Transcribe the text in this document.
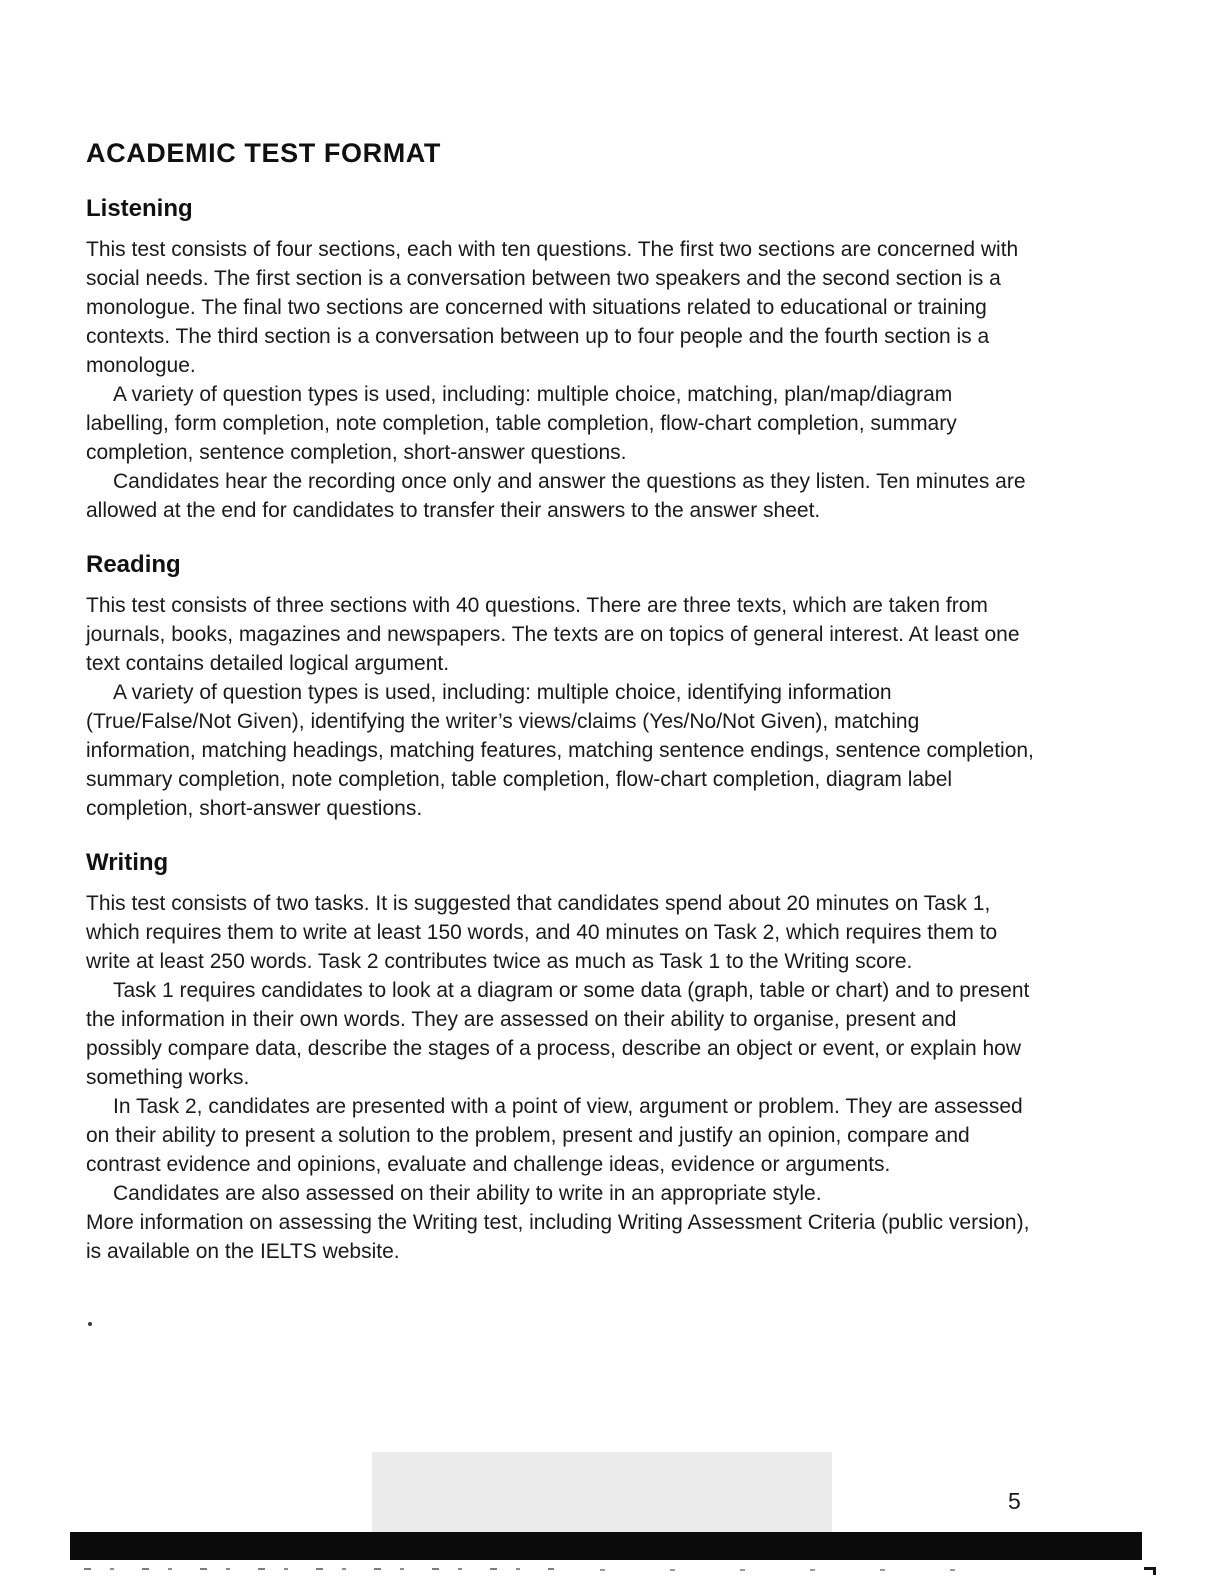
ACADEMIC TEST FORMAT
Listening

This test consists of four sections, each with ten questions. The first two sections are concerned with social needs. The first section is a conversation between two speakers and the second section is a monologue. The final two sections are concerned with situations related to educational or training contexts. The third section is a conversation between up to four people and the fourth section is a monologue.

A variety of question types is used, including: multiple choice, matching, plan/map/diagram labelling, form completion, note completion, table completion, flow-chart completion, summary completion, sentence completion, short-answer questions.

Candidates hear the recording once only and answer the questions as they listen. Ten minutes are allowed at the end for candidates to transfer their answers to the answer sheet.

Reading

This test consists of three sections with 40 questions. There are three texts, which are taken from journals, books, magazines and newspapers. The texts are on topics of general interest. At least one text contains detailed logical argument.

A variety of question types is used, including: multiple choice, identifying information (True/False/Not Given), identifying the writer’s views/claims (Yes/No/Not Given), matching information, matching headings, matching features, matching sentence endings, sentence completion, summary completion, note completion, table completion, flow-chart completion, diagram label completion, short-answer questions.

Writing

This test consists of two tasks. It is suggested that candidates spend about 20 minutes on Task 1, which requires them to write at least 150 words, and 40 minutes on Task 2, which requires them to write at least 250 words. Task 2 contributes twice as much as Task 1 to the Writing score.

Task 1 requires candidates to look at a diagram or some data (graph, table or chart) and to present the information in their own words. They are assessed on their ability to organise, present and possibly compare data, describe the stages of a process, describe an object or event, or explain how something works.

In Task 2, candidates are presented with a point of view, argument or problem. They are assessed on their ability to present a solution to the problem, present and justify an opinion, compare and contrast evidence and opinions, evaluate and challenge ideas, evidence or arguments.

Candidates are also assessed on their ability to write in an appropriate style.

More information on assessing the Writing test, including Writing Assessment Criteria (public version), is available on the IELTS website.

5
